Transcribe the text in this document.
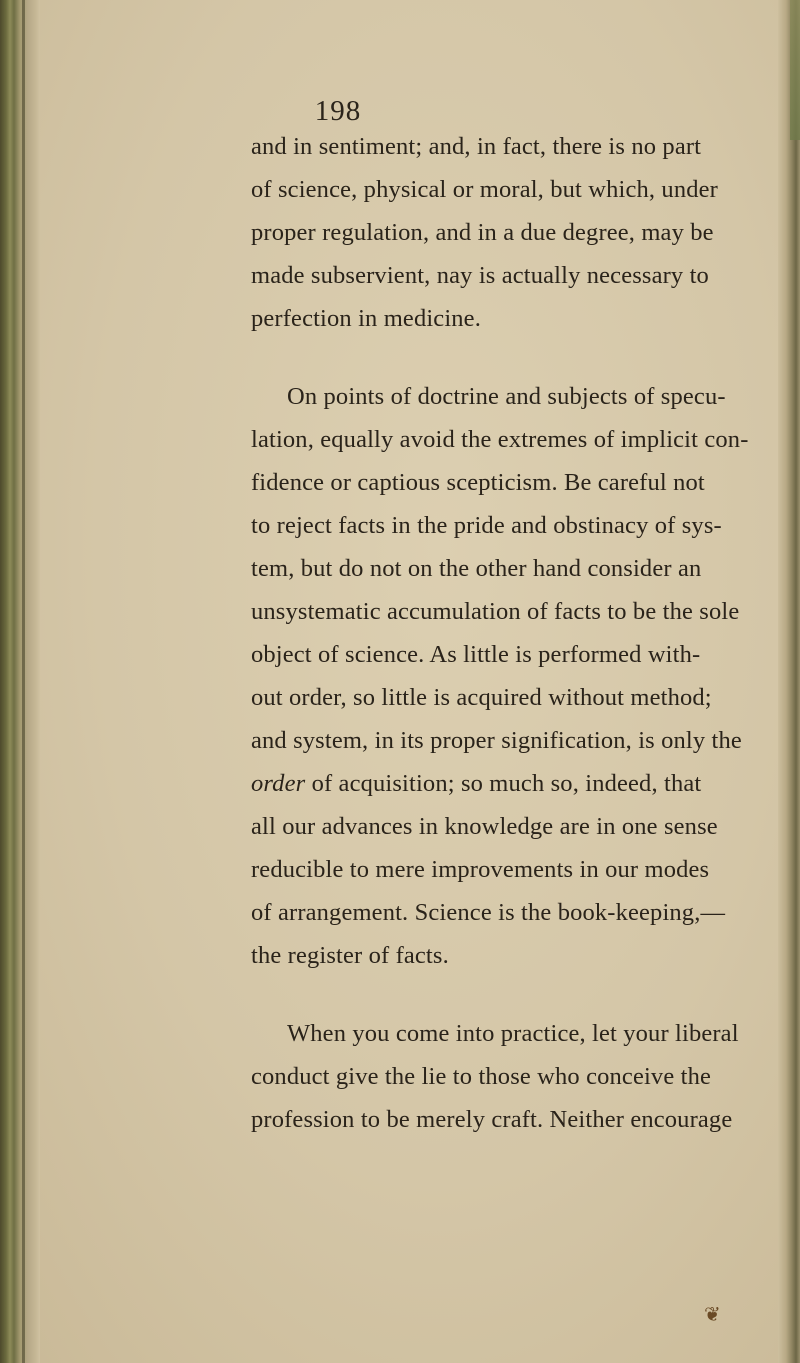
198
and in sentiment; and, in fact, there is no part
of science, physical or moral, but which, under
proper regulation, and in a due degree, may be
made subservient, nay is actually necessary to
perfection in medicine.
On points of doctrine and subjects of specu-
lation, equally avoid the extremes of implicit con-
fidence or captious scepticism. Be careful not
to reject facts in the pride and obstinacy of sys-
tem, but do not on the other hand consider an
unsystematic accumulation of facts to be the sole
object of science. As little is performed with-
out order, so little is acquired without method;
and system, in its proper signification, is only the
order of acquisition; so much so, indeed, that
all our advances in knowledge are in one sense
reducible to mere improvements in our modes
of arrangement. Science is the book-keeping,—
the register of facts.
When you come into practice, let your liberal
conduct give the lie to those who conceive the
profession to be merely craft. Neither encourage
❦
